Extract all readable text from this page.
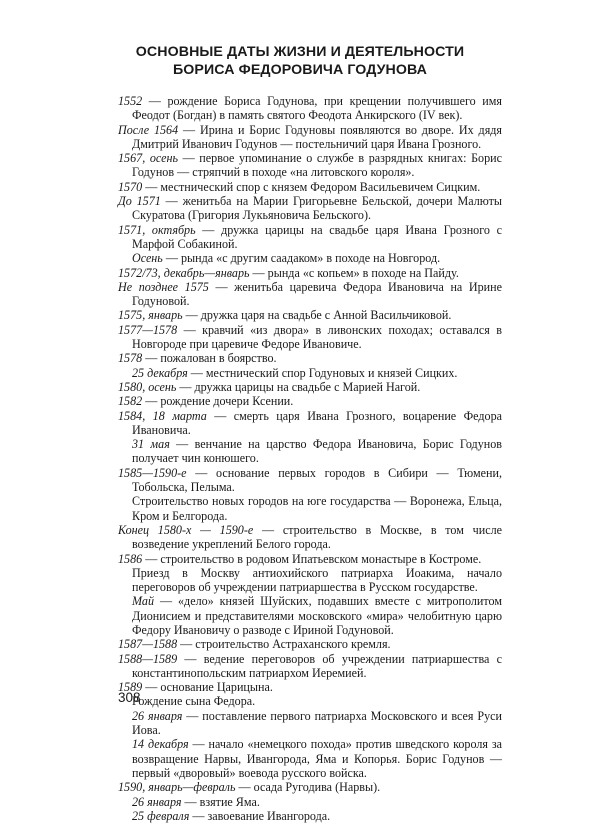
ОСНОВНЫЕ ДАТЫ ЖИЗНИ И ДЕЯТЕЛЬНОСТИ
БОРИСА ФЕДОРОВИЧА ГОДУНОВА
1552 — рождение Бориса Годунова, при крещении получившего имя Феодот (Богдан) в память святого Феодота Анкирского (IV век).
После 1564 — Ирина и Борис Годуновы появляются во дворе. Их дядя Дмитрий Иванович Годунов — постельничий царя Ивана Грозного.
1567, осень — первое упоминание о службе в разрядных книгах: Борис Годунов — стряпчий в походе «на литовского короля».
1570 — местнический спор с князем Федором Васильевичем Сицким.
До 1571 — женитьба на Марии Григорьевне Бельской, дочери Малюты Скуратова (Григория Лукьяновича Бельского).
1571, октябрь — дружка царицы на свадьбе царя Ивана Грозного с Марфой Собакиной.
Осень — рында «с другим саадаком» в походе на Новгород.
1572/73, декабрь—январь — рында «с копьем» в походе на Пайду.
Не позднее 1575 — женитьба царевича Федора Ивановича на Ирине Годуновой.
1575, январь — дружка царя на свадьбе с Анной Васильчиковой.
1577—1578 — кравчий «из двора» в ливонских походах; оставался в Новгороде при царевиче Федоре Ивановиче.
1578 — пожалован в боярство.
25 декабря — местнический спор Годуновых и князей Сицких.
1580, осень — дружка царицы на свадьбе с Марией Нагой.
1582 — рождение дочери Ксении.
1584, 18 марта — смерть царя Ивана Грозного, воцарение Федора Ивановича.
31 мая — венчание на царство Федора Ивановича, Борис Годунов получает чин конюшего.
1585—1590-е — основание первых городов в Сибири — Тюмени, Тобольска, Пелыма.
Строительство новых городов на юге государства — Воронежа, Ельца, Кром и Белгорода.
Конец 1580-х — 1590-е — строительство в Москве, в том числе возведение укреплений Белого города.
1586 — строительство в родовом Ипатьевском монастыре в Костроме.
Приезд в Москву антиохийского патриарха Иоакима, начало переговоров об учреждении патриаршества в Русском государстве.
Май — «дело» князей Шуйских, подавших вместе с митрополитом Дионисием и представителями московского «мира» челобитную царю Федору Ивановичу о разводе с Ириной Годуновой.
1587—1588 — строительство Астраханского кремля.
1588—1589 — ведение переговоров об учреждении патриаршества с константинопольским патриархом Иеремией.
1589 — основание Царицына.
Рождение сына Федора.
26 января — поставление первого патриарха Московского и всея Руси Иова.
14 декабря — начало «немецкого похода» против шведского короля за возвращение Нарвы, Ивангорода, Яма и Копорья. Борис Годунов — первый «дворовый» воевода русского войска.
1590, январь—февраль — осада Ругодива (Нарвы).
26 января — взятие Яма.
25 февраля — завоевание Ивангорода.
308
